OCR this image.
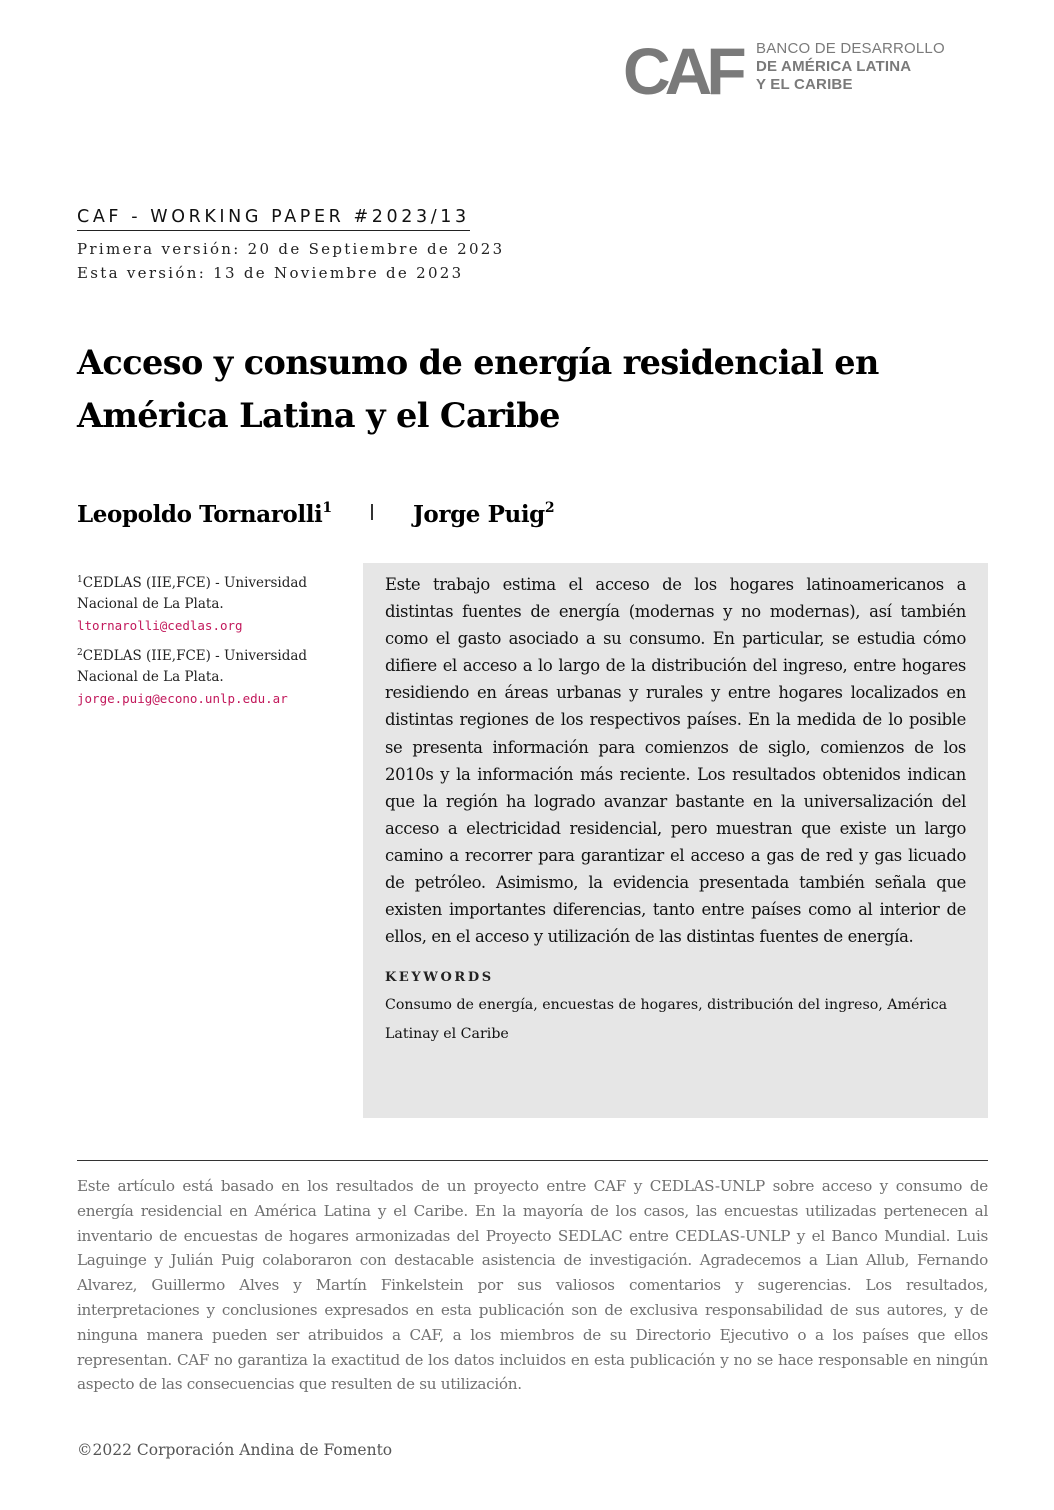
CAF BANCO DE DESARROLLO
DE AMÉRICA LATINA
Y EL CARIBE
CAF - WORKING PAPER #2023/13
Primera versión: 20 de Septiembre de 2023
Esta versión: 13 de Noviembre de 2023
Acceso y consumo de energía residencial en
América Latina y el Caribe
Leopoldo Tornarolli$^1$	Jorge Puig$^2$
$^1$CEDLAS (IIE,FCE) - Universidad Nacional de La Plata.
ltornarolli@cedlas.org
$^2$CEDLAS (IIE,FCE) - Universidad Nacional de La Plata.
jorge.puig@econo.unlp.edu.ar

Este trabajo estima el acceso de los hogares latinoamericanos a distintas fuentes de energía (modernas y no modernas), así también como el gasto asociado a su consumo. En particular, se estudia cómo difiere el acceso a lo largo de la distribución del ingreso, entre hogares residiendo en áreas urbanas y rurales y entre hogares localizados en distintas regiones de los respectivos países. En la medida de lo posible se presenta información para comienzos de siglo, comienzos de los 2010s y la información más reciente. Los resultados obtenidos indican que la región ha logrado avanzar bastante en la universalización del acceso a electricidad residencial, pero muestran que existe un largo camino a recorrer para garantizar el acceso a gas de red y gas licuado de petróleo. Asimismo, la evidencia presentada también señala que existen importantes diferencias, tanto entre países como al interior de ellos, en el acceso y utilización de las distintas fuentes de energía.

KEYWORDS
Consumo de energía, encuestas de hogares, distribución del ingreso, América Latinay el Caribe

Este artículo está basado en los resultados de un proyecto entre CAF y CEDLAS-UNLP sobre acceso y consumo de energía residencial en América Latina y el Caribe. En la mayoría de los casos, las encuestas utilizadas pertenecen al inventario de encuestas de hogares armonizadas del Proyecto SEDLAC entre CEDLAS-UNLP y el Banco Mundial. Luis Laguinge y Julián Puig colaboraron con destacable asistencia de investigación. Agradecemos a Lian Allub, Fernando Alvarez, Guillermo Alves y Martín Finkelstein por sus valiosos comentarios y sugerencias. Los resultados, interpretaciones y conclusiones expresados en esta publicación son de exclusiva responsabilidad de sus autores, y de ninguna manera pueden ser atribuidos a CAF, a los miembros de su Directorio Ejecutivo o a los países que ellos representan. CAF no garantiza la exactitud de los datos incluidos en esta publicación y no se hace responsable en ningún aspecto de las consecuencias que resulten de su utilización.

©2022 Corporación Andina de Fomento
